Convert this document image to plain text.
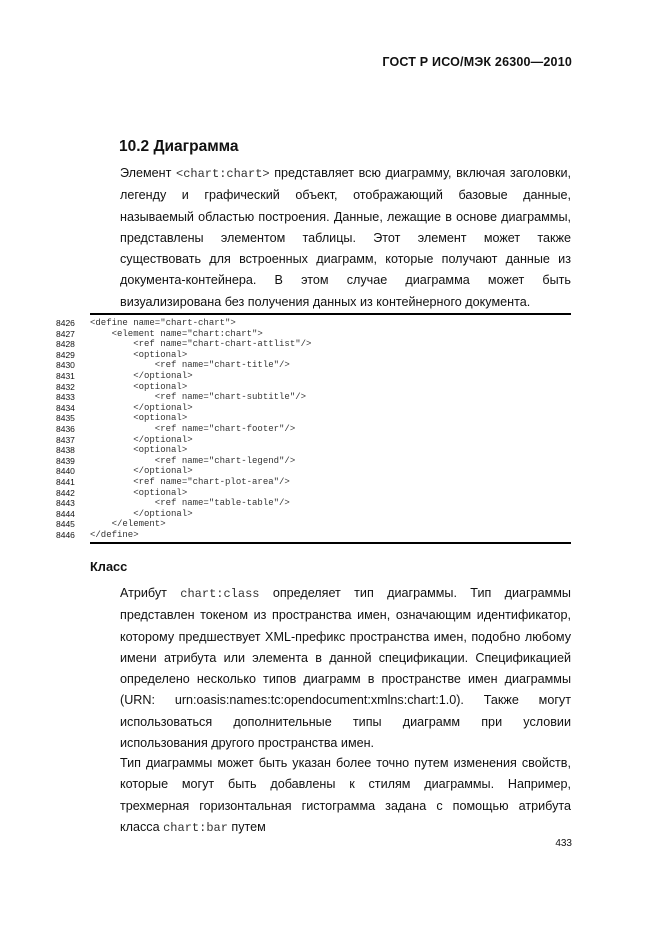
ГОСТ Р ИСО/МЭК 26300—2010
10.2 Диаграмма
Элемент <chart:chart> представляет всю диаграмму, включая заголовки, легенду и графический объект, отображающий базовые данные, называемый областью построения. Данные, лежащие в основе диаграммы, представлены элементом таблицы. Этот элемент может также существовать для встроенных диаграмм, которые получают данные из документа-контейнера. В этом случае диаграмма может быть визуализирована без получения данных из контейнерного документа.
8426	<define name="chart-chart">
8427	<element name="chart:chart">
8428	<ref name="chart-chart-attlist"/>
8429	<optional>
8430	<ref name="chart-title"/>
8431	</optional>
8432	<optional>
8433	<ref name="chart-subtitle"/>
8434	</optional>
8435	<optional>
8436	<ref name="chart-footer"/>
8437	</optional>
8438	<optional>
8439	<ref name="chart-legend"/>
8440	</optional>
8441	<ref name="chart-plot-area"/>
8442	<optional>
8443	<ref name="table-table"/>
8444	</optional>
8445	</element>
8446	</define>
Класс
Атрибут chart:class определяет тип диаграммы. Тип диаграммы представлен токеном из пространства имен, означающим идентификатор, которому предшествует XML-префикс пространства имен, подобно любому имени атрибута или элемента в данной спецификации. Спецификацией определено несколько типов диаграмм в пространстве имен диаграммы (URN: urn:oasis:names:tc:opendocument:xmlns:chart:1.0). Также могут использоваться дополнительные типы диаграмм при условии использования другого пространства имен.
Тип диаграммы может быть указан более точно путем изменения свойств, которые могут быть добавлены к стилям диаграммы. Например, трехмерная горизонтальная гистограмма задана с помощью атрибута класса chart:bar путем
433
